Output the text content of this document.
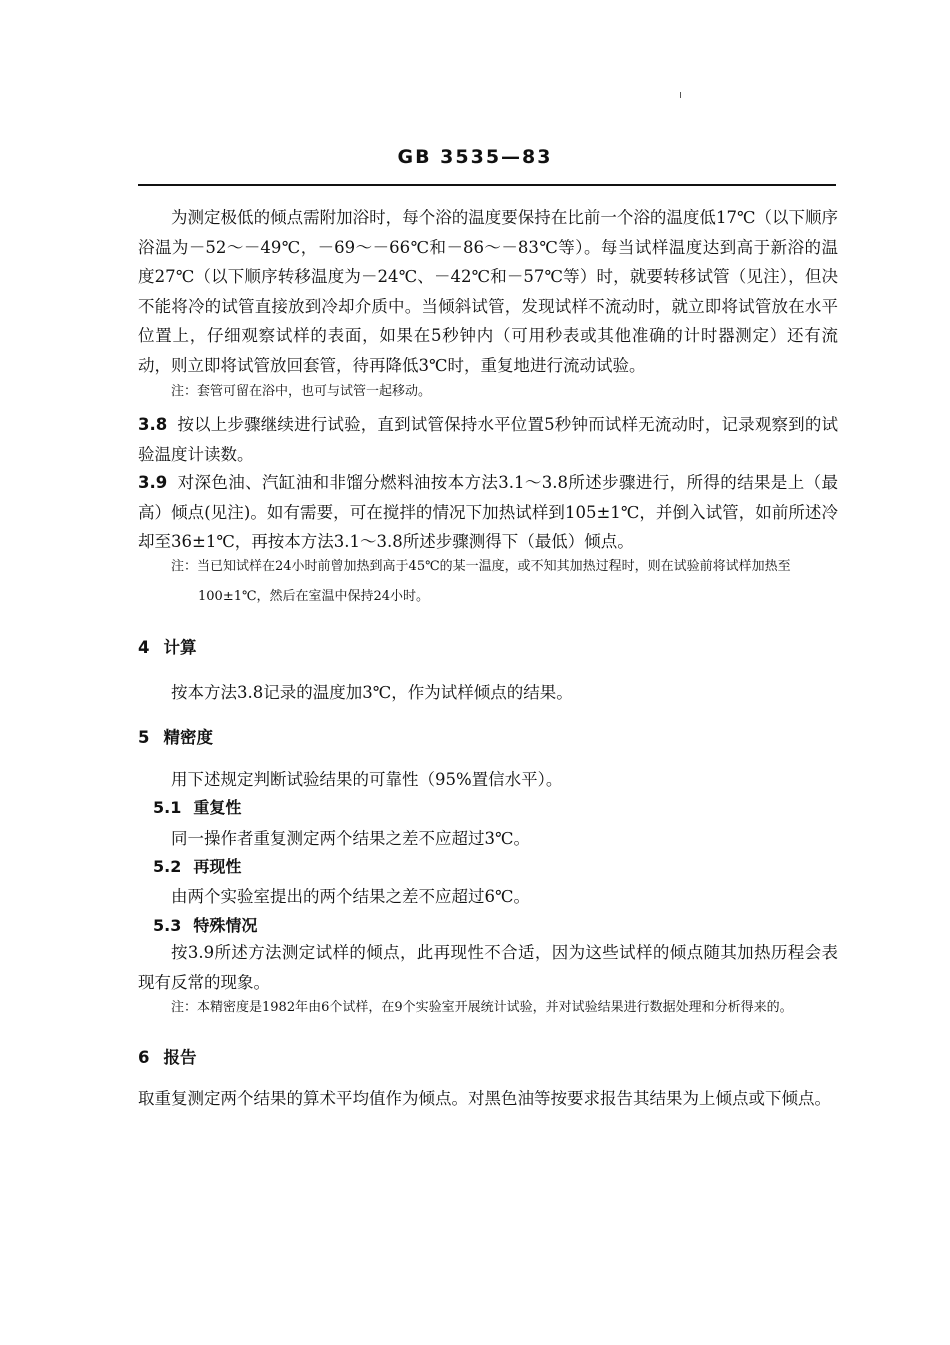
GB 3535—83
为测定极低的倾点需附加浴时，每个浴的温度要保持在比前一个浴的温度低17℃（以下顺序浴温为－52～－49℃，－69～－66℃和－86～－83℃等）。每当试样温度达到高于新浴的温度27℃（以下顺序转移温度为－24℃、－42℃和－57℃等）时，就要转移试管（见注），但决不能将冷的试管直接放到冷却介质中。当倾斜试管，发现试样不流动时，就立即将试管放在水平位置上，仔细观察试样的表面，如果在5秒钟内（可用秒表或其他准确的计时器测定）还有流动，则立即将试管放回套管，待再降低3℃时，重复地进行流动试验。
注：套管可留在浴中，也可与试管一起移动。
3.8 按以上步骤继续进行试验，直到试管保持水平位置5秒钟而试样无流动时，记录观察到的试验温度计读数。
3.9 对深色油、汽缸油和非馏分燃料油按本方法3.1～3.8所述步骤进行，所得的结果是上（最高）倾点(见注)。如有需要，可在搅拌的情况下加热试样到105±1℃，并倒入试管，如前所述冷却至36±1℃，再按本方法3.1～3.8所述步骤测得下（最低）倾点。
注：当已知试样在24小时前曾加热到高于45℃的某一温度，或不知其加热过程时，则在试验前将试样加热至
100±1℃，然后在室温中保持24小时。
4 计算
按本方法3.8记录的温度加3℃，作为试样倾点的结果。
5 精密度
用下述规定判断试验结果的可靠性（95%置信水平）。
5.1 重复性
同一操作者重复测定两个结果之差不应超过3℃。
5.2 再现性
由两个实验室提出的两个结果之差不应超过6℃。
5.3 特殊情况
按3.9所述方法测定试样的倾点，此再现性不合适，因为这些试样的倾点随其加热历程会表现有反常的现象。
注：本精密度是1982年由6个试样，在9个实验室开展统计试验，并对试验结果进行数据处理和分析得来的。
6 报告
取重复测定两个结果的算术平均值作为倾点。对黑色油等按要求报告其结果为上倾点或下倾点。
